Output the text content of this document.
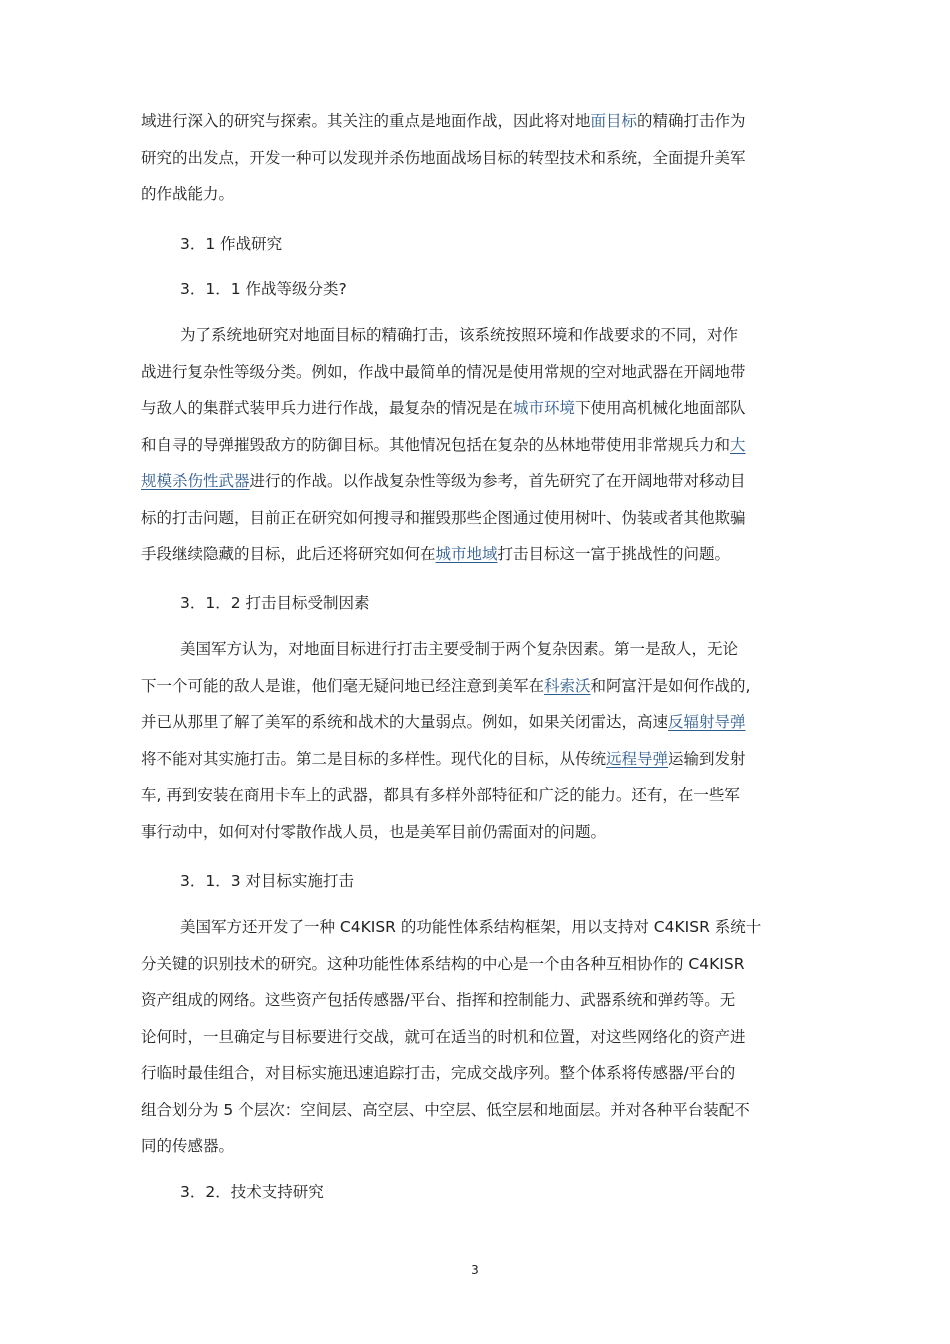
域进行深入的研究与探索。其关注的重点是地面作战，因此将对地面目标的精确打击作为
研究的出发点，开发一种可以发现并杀伤地面战场目标的转型技术和系统，全面提升美军
的作战能力。
3．1 作战研究
3．1．1 作战等级分类?
为了系统地研究对地面目标的精确打击，该系统按照环境和作战要求的不同，对作
战进行复杂性等级分类。例如，作战中最简单的情况是使用常规的空对地武器在开阔地带
与敌人的集群式装甲兵力进行作战，最复杂的情况是在城市环境下使用高机械化地面部队
和自寻的导弹摧毁敌方的防御目标。其他情况包括在复杂的丛林地带使用非常规兵力和大
规模杀伤性武器进行的作战。以作战复杂性等级为参考，首先研究了在开阔地带对移动目
标的打击问题，目前正在研究如何搜寻和摧毁那些企图通过使用树叶、伪装或者其他欺骗
手段继续隐藏的目标，此后还将研究如何在城市地域打击目标这一富于挑战性的问题。
3．1．2 打击目标受制因素
美国军方认为，对地面目标进行打击主要受制于两个复杂因素。第一是敌人，无论
下一个可能的敌人是谁，他们毫无疑问地已经注意到美军在科索沃和阿富汗是如何作战的,
并已从那里了解了美军的系统和战术的大量弱点。例如，如果关闭雷达，高速反辐射导弹
将不能对其实施打击。第二是目标的多样性。现代化的目标，从传统远程导弹运输到发射
车, 再到安装在商用卡车上的武器，都具有多样外部特征和广泛的能力。还有，在一些军
事行动中，如何对付零散作战人员，也是美军目前仍需面对的问题。
3．1．3 对目标实施打击
美国军方还开发了一种 C4KISR 的功能性体系结构框架，用以支持对 C4KISR 系统十
分关键的识别技术的研究。这种功能性体系结构的中心是一个由各种互相协作的 C4KISR
资产组成的网络。这些资产包括传感器/平台、指挥和控制能力、武器系统和弹药等。无
论何时，一旦确定与目标要进行交战，就可在适当的时机和位置，对这些网络化的资产进
行临时最佳组合，对目标实施迅速追踪打击，完成交战序列。整个体系将传感器/平台的
组合划分为 5 个层次：空间层、高空层、中空层、低空层和地面层。并对各种平台装配不
同的传感器。
3．2．技术支持研究
3
